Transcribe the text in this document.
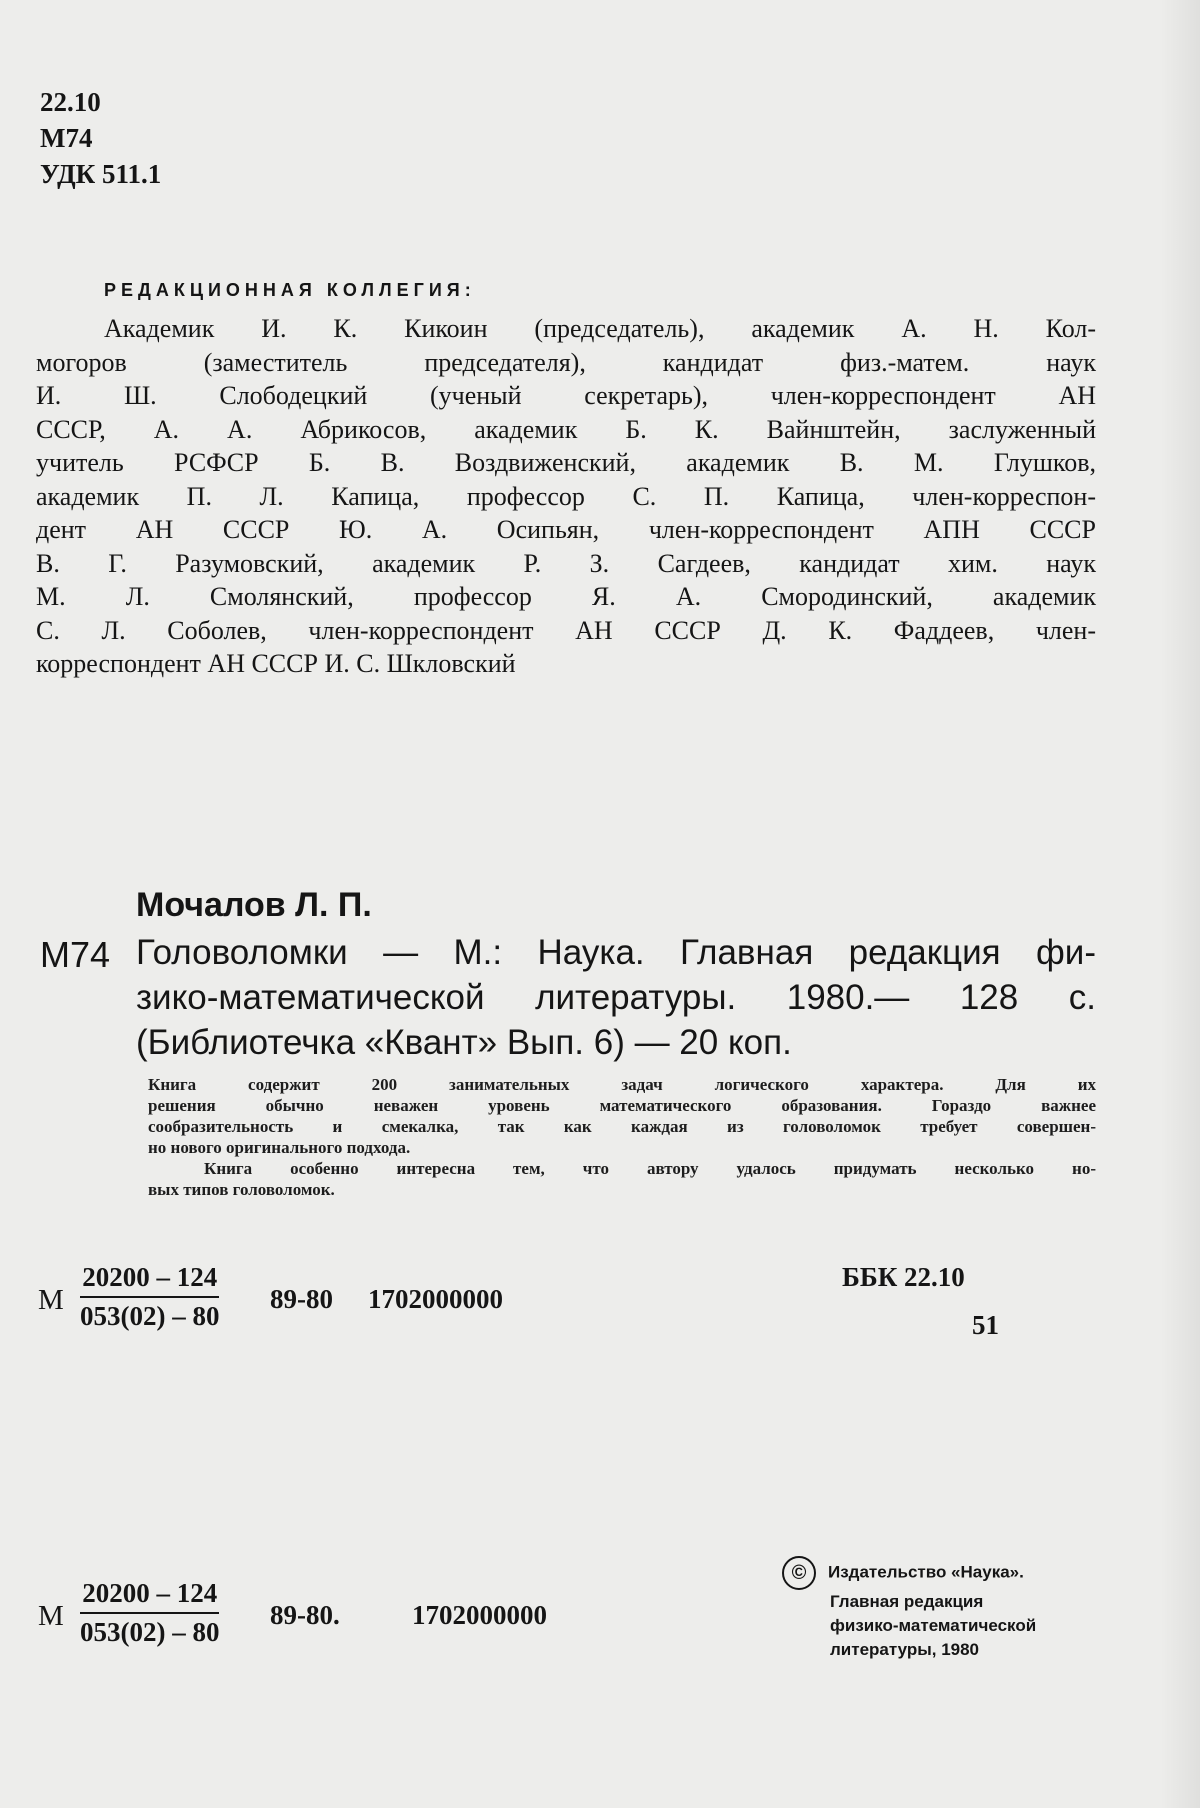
22.10
М74
УДК 511.1
РЕДАКЦИОННАЯ КОЛЛЕГИЯ:
Академик И. К. Кикоин (председатель), академик А. Н. Кол-
могоров (заместитель председателя), кандидат физ.-матем. наук
И. Ш. Слободецкий (ученый секретарь), член-корреспондент АН
СССР, А. А. Абрикосов, академик Б. К. Вайнштейн, заслуженный
учитель РСФСР Б. В. Воздвиженский, академик В. М. Глушков,
академик П. Л. Капица, профессор С. П. Капица, член-корреспон-
дент АН СССР Ю. А. Осипьян, член-корреспондент АПН СССР
В. Г. Разумовский, академик Р. З. Сагдеев, кандидат хим. наук
М. Л. Смолянский, профессор Я. А. Смородинский, академик
С. Л. Соболев, член-корреспондент АН СССР Д. К. Фаддеев, член-
корреспондент АН СССР И. С. Шкловский
Мочалов Л. П.
М74 Головоломки — М.: Наука. Главная редакция фи-
зико-математической литературы. 1980.— 128 с.
(Библиотечка «Квант» Вып. 6) — 20 коп.
Книга содержит 200 занимательных задач логического характера. Для их
решения обычно неважен уровень математического образования. Гораздо важнее
сообразительность и смекалка, так как каждая из головоломок требует совершен-
но нового оригинального подхода.
Книга особенно интересна тем, что автору удалось придумать несколько но-
вых типов головоломок.
М $\frac{20200 - 124}{053(02) - 80} 89-80$ 1702000000
ББК 22.10
51
М $\frac{20200 - 124}{053(02) - 80} 89-80$.	1702000000
© Издательство «Наука».
Главная редакция
физико-математической
литературы, 1980
